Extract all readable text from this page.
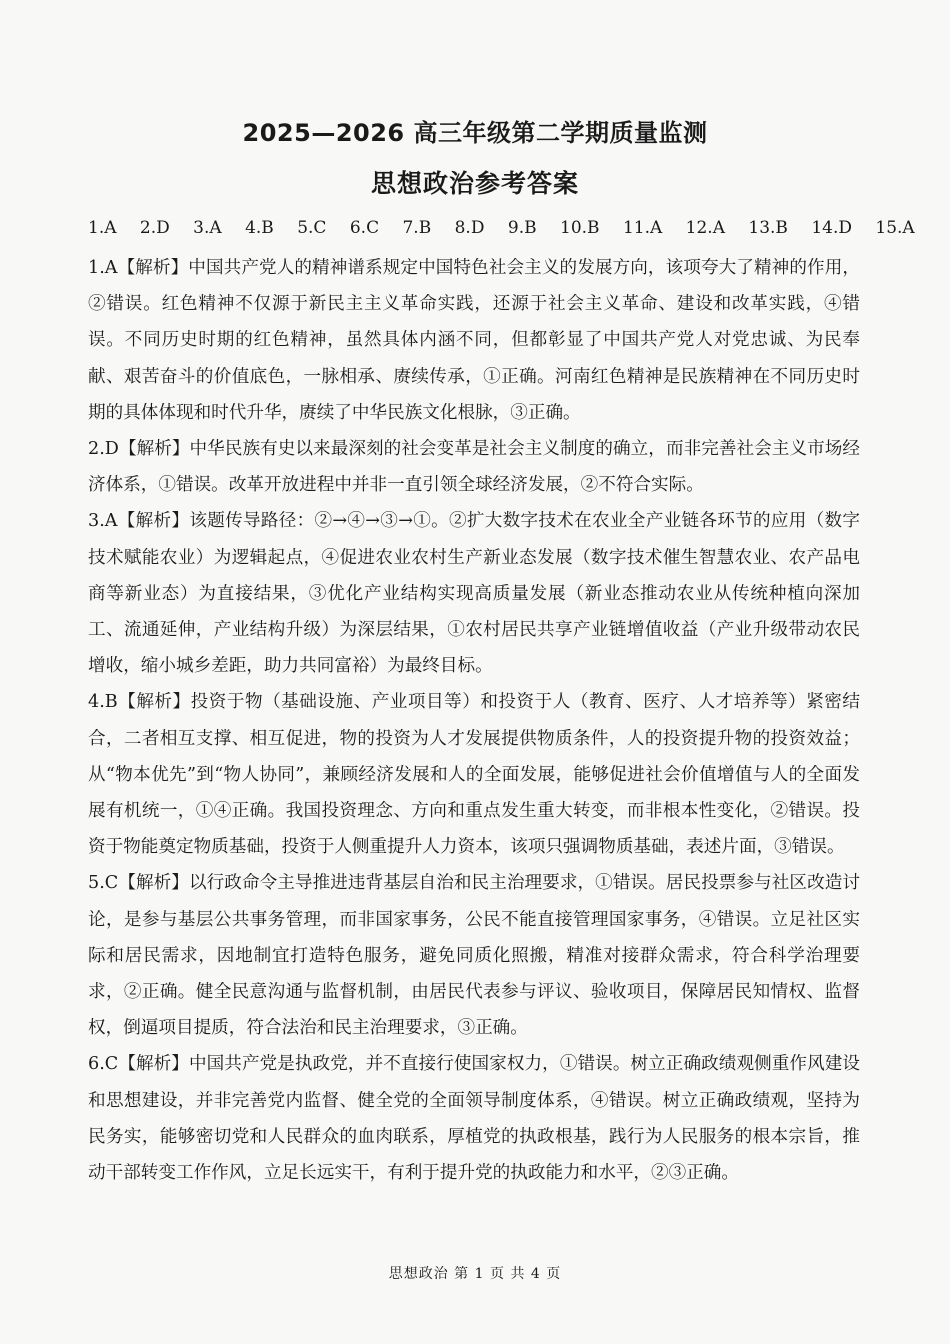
2025—2026 高三年级第二学期质量监测
思想政治参考答案
1.A 2.D 3.A 4.B 5.C 6.C 7.B 8.D 9.B 10.B 11.A 12.A 13.B 14.D 15.A

1.A【解析】中国共产党人的精神谱系规定中国特色社会主义的发展方向，该项夸大了精神的作用，②错误。红色精神不仅源于新民主主义革命实践，还源于社会主义革命、建设和改革实践，④错误。不同历史时期的红色精神，虽然具体内涵不同，但都彰显了中国共产党人对党忠诚、为民奉献、艰苦奋斗的价值底色，一脉相承、赓续传承，①正确。河南红色精神是民族精神在不同历史时期的具体体现和时代升华，赓续了中华民族文化根脉，③正确。

2.D【解析】中华民族有史以来最深刻的社会变革是社会主义制度的确立，而非完善社会主义市场经济体系，①错误。改革开放进程中并非一直引领全球经济发展，②不符合实际。

3.A【解析】该题传导路径：②→④→③→①。②扩大数字技术在农业全产业链各环节的应用（数字技术赋能农业）为逻辑起点，④促进农业农村生产新业态发展（数字技术催生智慧农业、农产品电商等新业态）为直接结果，③优化产业结构实现高质量发展（新业态推动农业从传统种植向深加工、流通延伸，产业结构升级）为深层结果，①农村居民共享产业链增值收益（产业升级带动农民增收，缩小城乡差距，助力共同富裕）为最终目标。

4.B【解析】投资于物（基础设施、产业项目等）和投资于人（教育、医疗、人才培养等）紧密结合，二者相互支撑、相互促进，物的投资为人才发展提供物质条件，人的投资提升物的投资效益；从“物本优先”到“物人协同”，兼顾经济发展和人的全面发展，能够促进社会价值增值与人的全面发展有机统一，①④正确。我国投资理念、方向和重点发生重大转变，而非根本性变化，②错误。投资于物能奠定物质基础，投资于人侧重提升人力资本，该项只强调物质基础，表述片面，③错误。

5.C【解析】以行政命令主导推进违背基层自治和民主治理要求，①错误。居民投票参与社区改造讨论，是参与基层公共事务管理，而非国家事务，公民不能直接管理国家事务，④错误。立足社区实际和居民需求，因地制宜打造特色服务，避免同质化照搬，精准对接群众需求，符合科学治理要求，②正确。健全民意沟通与监督机制，由居民代表参与评议、验收项目，保障居民知情权、监督权，倒逼项目提质，符合法治和民主治理要求，③正确。

6.C【解析】中国共产党是执政党，并不直接行使国家权力，①错误。树立正确政绩观侧重作风建设和思想建设，并非完善党内监督、健全党的全面领导制度体系，④错误。树立正确政绩观，坚持为民务实，能够密切党和人民群众的血肉联系，厚植党的执政根基，践行为人民服务的根本宗旨，推动干部转变工作作风，立足长远实干，有利于提升党的执政能力和水平，②③正确。

思想政治 第 1 页 共 4 页
